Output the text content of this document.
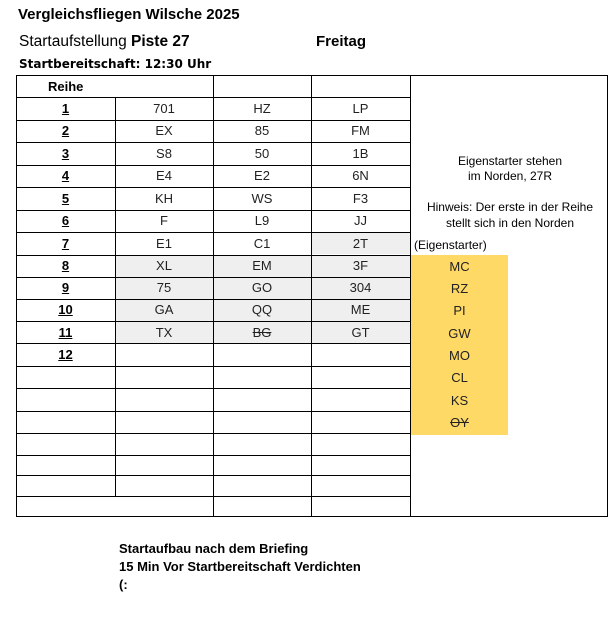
Vergleichsfliegen Wilsche 2025
Startaufstellung Piste 27	Freitag
Startbereitschaft: 12:30 Uhr
Reihe
1	701	HZ	LP
2	EX	85	FM
3	S8	50	1B
4	E4	E2	6N
5	KH	WS	F3
6	F	L9	JJ
7	E1	C1	2T
8	XL	EM	3F
9	75	GO	304
10	GA	QQ	ME
11	TX	BG	GT
12
Eigenstarter stehen
im Norden, 27R
Hinweis: Der erste in der Reihe
stellt sich in den Norden
(Eigenstarter)
MC
RZ
PI
GW
MO
CL
KS
OY
Startaufbau nach dem Briefing
15 Min Vor Startbereitschaft Verdichten
(:
